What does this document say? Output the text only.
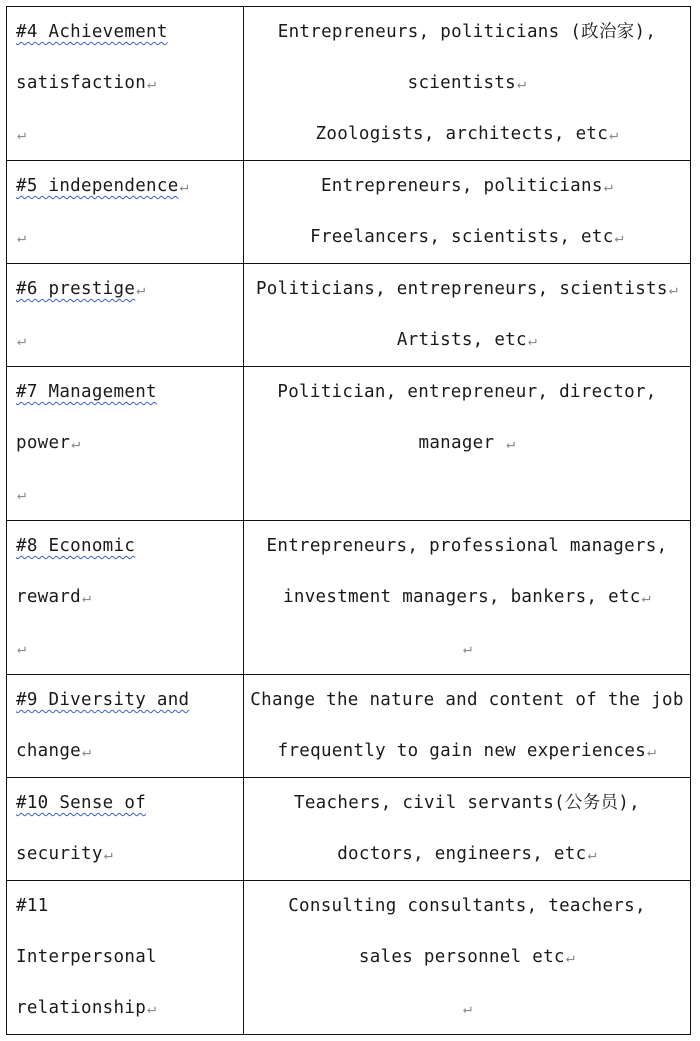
#4 Achievement
satisfaction↵
↵	Entrepreneurs, politicians (政治家),
scientists↵
Zoologists, architects, etc↵

#5 independence↵
↵	Entrepreneurs, politicians↵
Freelancers, scientists, etc↵

#6 prestige↵
↵	Politicians, entrepreneurs, scientists↵
Artists, etc↵

#7 Management
power↵
↵	Politician, entrepreneur, director,
manager ↵

#8 Economic
reward↵
↵	Entrepreneurs, professional managers,
investment managers, bankers, etc↵
↵

#9 Diversity and
change↵	Change the nature and content of the job
frequently to gain new experiences↵

#10 Sense of
security↵	Teachers, civil servants(公务员),
doctors, engineers, etc↵

#11
Interpersonal
relationship↵	Consulting consultants, teachers,
sales personnel etc↵
↵
